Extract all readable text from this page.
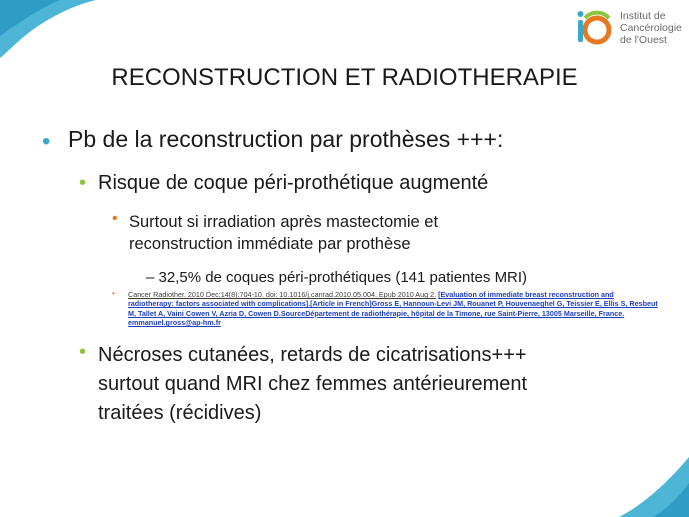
Institut de
Cancérologie
de l'Ouest
RECONSTRUCTION ET RADIOTHERAPIE
• Pb de la reconstruction par prothèses +++:
• Risque de coque péri-prothétique augmenté
• Surtout si irradiation après mastectomie et
reconstruction immédiate par prothèse
– 32,5% de coques péri-prothétiques (141 patientes MRI)
• Cancer Radiother. 2010 Dec;14(8):704-10. doi: 10.1016/j.canrad.2010.05.004. Epub 2010 Aug 2. [Evaluation of immediate breast reconstruction and radiotherapy: factors associated with complications].[Article in French]Gross E, Hannoun-Levi JM, Rouanet P, Houvenaeghel G, Teissier E, Ellis S, Resbeut M, Tallet A, Vaini Cowen V, Azria D, Cowen D.SourceDépartement de radiothérapie, hôpital de la Timone, rue Saint-Pierre, 13005 Marseille, France. emmanuel.gross@ap-hm.fr
• Nécroses cutanées, retards de cicatrisations+++
surtout quand MRI chez femmes antérieurement
traitées (récidives)
